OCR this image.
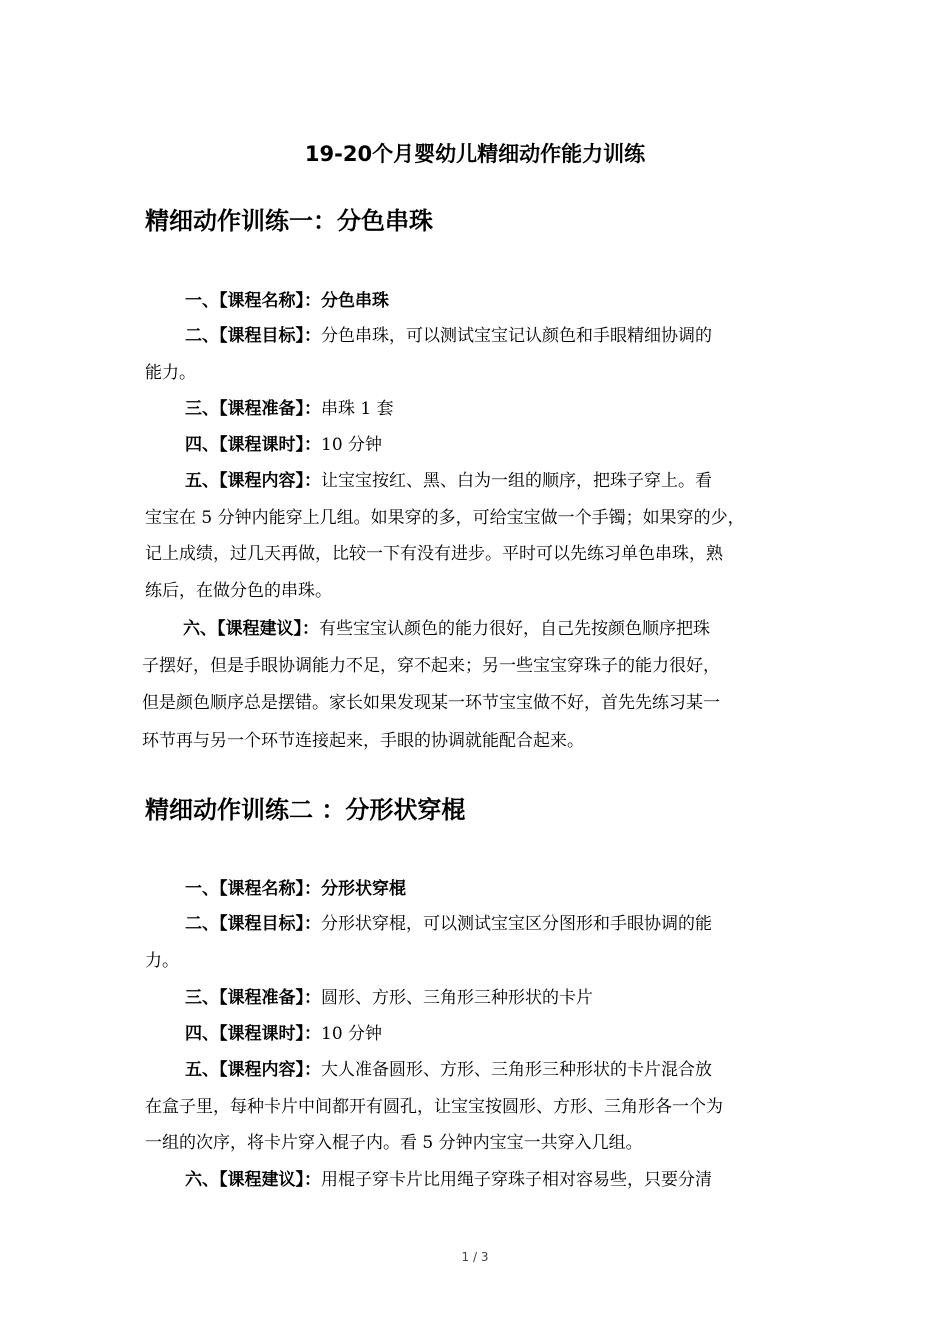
19-20个月婴幼儿精细动作能力训练
精细动作训练一：分色串珠
一、【课程名称】：分色串珠
二、【课程目标】：分色串珠，可以测试宝宝记认颜色和手眼精细协调的
能力。
三、【课程准备】：串珠 1 套
四、【课程课时】：10 分钟
五、【课程内容】：让宝宝按红、黑、白为一组的顺序，把珠子穿上。看
宝宝在 5 分钟内能穿上几组。如果穿的多，可给宝宝做一个手镯；如果穿的少，
记上成绩，过几天再做，比较一下有没有进步。平时可以先练习单色串珠，熟
练后，在做分色的串珠。
六、【课程建议】：有些宝宝认颜色的能力很好，自己先按颜色顺序把珠
子摆好，但是手眼协调能力不足，穿不起来；另一些宝宝穿珠子的能力很好，
但是颜色顺序总是摆错。家长如果发现某一环节宝宝做不好，首先先练习某一
环节再与另一个环节连接起来，手眼的协调就能配合起来。
精细动作训练二 ：分形状穿棍
一、【课程名称】：分形状穿棍
二、【课程目标】：分形状穿棍，可以测试宝宝区分图形和手眼协调的能
力。
三、【课程准备】：圆形、方形、三角形三种形状的卡片
四、【课程课时】：10 分钟
五、【课程内容】：大人准备圆形、方形、三角形三种形状的卡片混合放
在盒子里，每种卡片中间都开有圆孔，让宝宝按圆形、方形、三角形各一个为
一组的次序，将卡片穿入棍子内。看 5 分钟内宝宝一共穿入几组。
六、【课程建议】：用棍子穿卡片比用绳子穿珠子相对容易些，只要分清
1 / 3
